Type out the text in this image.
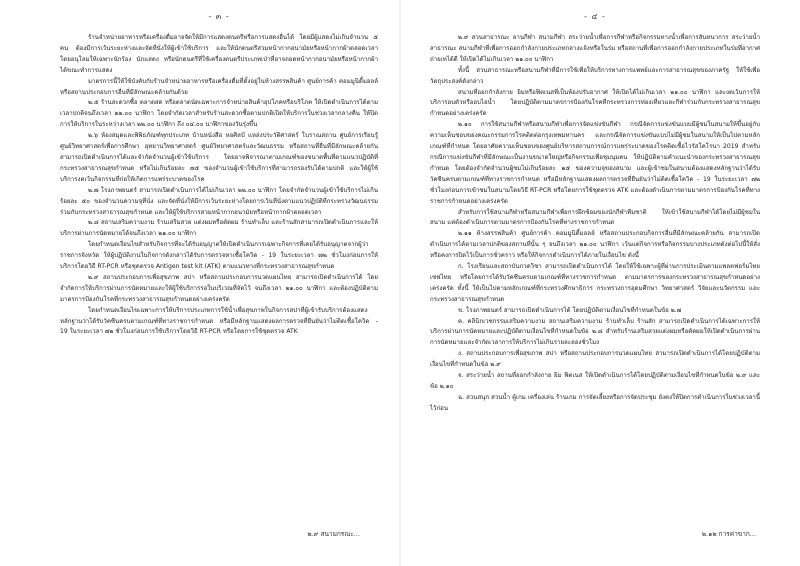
- ๓ -

ร้านจำหน่ายอาหารหรือเครื่องดื่มอาจจัดให้มีการแสดงดนตรีหรือการแสดงอื่นได้ โดยมีผู้แสดงไม่เกินจำนวน ๕ คน ต้องมีการเว้นระยะห่างและจัดที่นั่งให้ผู้เข้าใช้บริการ และให้นักดนตรีสวมหน้ากากอนามัยหรือหน้ากากผ้าตลอดเวลา โดยอนุโลมให้เฉพาะนักร้อง นักแสดง หรือนักดนตรีที่ใช้เครื่องดนตรีประเภทเป่าที่อาจถอดหน้ากากอนามัยหรือหน้ากากผ้าได้ขณะทำการแสดง

มาตรการนี้ให้ใช้บังคับกับร้านจำหน่ายอาหารหรือเครื่องดื่มที่ตั้งอยู่ในห้างสรรพสินค้า ศูนย์การค้า คอมมูนิตี้มอลล์ หรือสถานประกอบการอื่นที่มีลักษณะคล้ายกันด้วย

๒.๕ ร้านสะดวกซื้อ ตลาดสด หรือตลาดนัดเฉพาะการจำหน่ายสินค้าอุปโภคหรือบริโภค ให้เปิดดำเนินการได้ตามเวลาปกติจนถึงเวลา ๒๒.๐๐ นาฬิกา โดยจำกัดเวลาสำหรับร้านสะดวกซื้อตามปกติเปิดให้บริการในช่วงเวลากลางคืน ให้ปิดการให้บริการในระหว่างเวลา ๒๒.๐๐ นาฬิกา ถึง ๐๔.๐๐ นาฬิกาของวันรุ่งขึ้น

๒.๖ ห้องสมุดและพิพิธภัณฑ์ทุกประเภท บ้านหนังสือ หอศิลป์ แหล่งประวัติศาสตร์ โบราณสถาน ศูนย์การเรียนรู้ ศูนย์วิทยาศาสตร์เพื่อการศึกษา อุทยานวิทยาศาสตร์ ศูนย์วิทยาศาสตร์และวัฒนธรรม หรือสถานที่อื่นที่มีลักษณะคล้ายกัน สามารถเปิดดำเนินการได้และจำกัดจำนวนผู้เข้าใช้บริการ โดยอาจพิจารณาตามเกณฑ์ของขนาดพื้นที่ตามแนวปฏิบัติที่กระทรวงสาธารณสุขกำหนด หรือไม่เกินร้อยละ ๗๕ ของจำนวนผู้เข้าใช้บริการที่สามารถรองรับได้ตามปกติ และให้ผู้ใช้บริการงดเว้นกิจกรรมที่ก่อให้เกิดการแพร่ระบาดของโรค

๒.๗ โรงภาพยนตร์ สามารถเปิดดำเนินการได้ไม่เกินเวลา ๒๒.๐๐ นาฬิกา โดยจำกัดจำนวนผู้เข้าใช้บริการไม่เกินร้อยละ ๕๐ ของจำนวนความจุที่นั่ง และจัดที่นั่งให้มีการเว้นระยะห่างโดยการเว้นที่นั่งตามแนวปฏิบัติที่กระทรวงวัฒนธรรมร่วมกับกระทรวงสาธารณสุขกำหนด และให้ผู้ใช้บริการสวมหน้ากากอนามัยหรือหน้ากากผ้าตลอดเวลา

๒.๘ สถานเสริมความงาม ร้านเสริมสวย แต่งผมหรือตัดผม ร้านทำเล็บ และร้านสักสามารถเปิดดำเนินการและให้บริการผ่านการนัดหมายได้จนถึงเวลา ๒๑.๐๐ นาฬิกา

โดยกำหนดเงื่อนไขสำหรับกิจการที่จะได้รับอนุญาตให้เปิดดำเนินการเฉพาะกิจการที่เคยได้รับอนุญาตจากผู้ว่าราชการจังหวัด ให้ผู้ปฏิบัติงานในกิจการดังกล่าวได้รับการตรวจหาเชื้อโควิด - 19 ในระยะเวลา ๗๒ ชั่วโมงก่อนการให้บริการโดยวิธี RT-PCR หรือชุดตรวจ Antigen test kit (ATK) ตามแนวทางที่กระทรวงสาธารณสุขกำหนด

๒.๙ สถานประกอบการเพื่อสุขภาพ สปา หรือสถานประกอบการนวดแผนไทย สามารถเปิดดำเนินการได้ โดยจำกัดการให้บริการผ่านการนัดหมายและให้ผู้ใช้บริการรอในบริเวณที่จัดไว้ จนถึงเวลา ๒๑.๐๐ นาฬิกา และต้องปฏิบัติตามมาตรการป้องกันโรคที่กระทรวงสาธารณสุขกำหนดอย่างเคร่งครัด

โดยกำหนดเงื่อนไขเฉพาะการให้บริการประเภทการใช้น้ำเพื่อสุขภาพในกิจการสปาที่ผู้เข้ารับบริการต้องแสดงหลักฐานว่าได้รับวัคซีนครบตามเกณฑ์ที่ทางราชการกำหนด หรือมีหลักฐานแสดงผลการตรวจที่ยืนยันว่าไม่ติดเชื้อโควิด - 19 ในระยะเวลา ๗๒ ชั่วโมงก่อนการใช้บริการโดยวิธี RT-PCR หรือโดยการใช้ชุดตรวจ ATK

๒.๙ สนามกรณะ...
- ๔ -

๒.๙ สวนสาธารณะ ลานกีฬา สนามกีฬา สระว่ายน้ำเพื่อการกีฬาหรือกิจกรรมทางน้ำเพื่อการสันทนาการ สระว่ายน้ำสาธารณะ สนามกีฬาที่เพื่อการออกกำลังกายประเภทกลางแจ้งหรือในร่ม หรือสถานที่เพื่อการออกกำลังกายประเภทในร่มที่อากาศถ่ายเทได้ดี ให้เปิดได้ไม่เกินเวลา ๒๑.๐๐ นาฬิกา

ทั้งนี้ สวนสาธารณะหรือสนามกีฬาที่มีการใช้เพื่อให้บริการทางการแพทย์และการสาธารณสุขของภาครัฐ ให้ใช้เพื่อวัตถุประสงค์ดังกล่าว

สนามที่ออกกำลังกาย ยิมหรือฟิตเนสที่เป็นห้องปรับอากาศ ให้เปิดได้ไม่เกินเวลา ๒๑.๐๐ นาฬิกา และงดเว้นการให้บริการอบตัวหรืออบไอน้ำ โดยปฏิบัติตามมาตรการป้องกันโรคที่กระทรวงการท่องเที่ยวและกีฬาร่วมกับกระทรวงสาธารณสุขกำหนดอย่างเคร่งครัด

๒.๑๐ การใช้สนามกีฬาหรือสนามกีฬาเพื่อการจัดแข่งขันกีฬา กรณีจัดการแข่งขันแบบมีผู้ชมในสนามให้ขึ้นอยู่กับความเห็นชอบของคณะกรรมการโรคติดต่อกรุงเทพมหานคร และกรณีจัดการแข่งขันแบบไม่มีผู้ชมในสนามให้เป็นไปตามหลักเกณฑ์ที่กำหนด โดยอาศัยความเห็นชอบของศูนย์บริหารสถานการณ์การแพร่ระบาดของโรคติดเชื้อไวรัสโคโรนา 2019 สำหรับกรณีการแข่งขันกีฬาที่มีลักษณะเป็นงานขนาดใหญ่หรือกิจกรรมเพื่อชุมนุมคน ให้ปฏิบัติตามคำแนะนำของกระทรวงสาธารณสุขกำหนด โดยต้องจำกัดจำนวนผู้ชมไม่เกินร้อยละ ๒๕ ของความจุของสนาม และผู้เข้าชมในสนามต้องแสดงหลักฐานว่าได้รับวัคซีนครบตามเกณฑ์ที่ทางราชการกำหนด หรือมีหลักฐานแสดงผลการตรวจที่ยืนยันว่าไม่ติดเชื้อโควิด - 19 ในระยะเวลา ๗๒ ชั่วโมงก่อนการเข้าชมในสนามโดยวิธี RT-PCR หรือโดยการใช้ชุดตรวจ ATK และต้องดำเนินการตามมาตรการป้องกันโรคที่ทางราชการกำหนดอย่างเคร่งครัด

สำหรับการใช้สนามกีฬาหรือสนามกีฬาเพื่อการฝึกซ้อมของนักกีฬาทีมชาติ ให้เข้าใช้สนามกีฬาได้โดยไม่มีผู้ชมในสนาม แต่ต้องดำเนินการตามมาตรการป้องกันโรคที่ทางราชการกำหนด

๒.๑๑ ห้างสรรพสินค้า ศูนย์การค้า คอมมูนิตี้มอลล์ หรือสถานประกอบกิจการอื่นที่มีลักษณะคล้ายกัน สามารถเปิดดำเนินการได้ตามเวลาปกติของสถานที่นั้น ๆ จนถึงเวลา ๒๑.๐๐ นาฬิกา เว้นแต่กิจการหรือกิจกรรมบางประเภทดังต่อไปนี้ให้สั่งหรือคงการปิดไว้เป็นการชั่วคราว หรือให้กิจการดำเนินการได้ภายในเงื่อนไข ดังนี้

ก. โรงเรียนและสถาบันกวดวิชา สามารถเปิดดำเนินการได้ โดยให้ใช้เฉพาะผู้ที่ผ่านการประเมินตามแพลตฟอร์มไทยเซฟไทย หรือโดยการได้รับวัคซีนครบตามเกณฑ์ที่ทางราชการกำหนด ตามมาตรการของกระทรวงสาธารณสุขกำหนดอย่างเคร่งครัด ทั้งนี้ ให้เป็นไปตามหลักเกณฑ์ที่กระทรวงศึกษาธิการ กระทรวงการอุดมศึกษา วิทยาศาสตร์ วิจัยและนวัตกรรม และกระทรวงสาธารณสุขกำหนด

ข. โรงภาพยนตร์ สามารถเปิดดำเนินการได้ โดยปฏิบัติตามเงื่อนไขที่กำหนดในข้อ ๒.๗

ค. คลินิกเวชกรรมเสริมความงาม สถานเสริมความงาม ร้านทำเล็บ ร้านสัก สามารถเปิดดำเนินการได้เฉพาะการให้บริการผ่านการนัดหมายและปฏิบัติตามเงื่อนไขที่กำหนดในข้อ ๒.๘ สำหรับร้านเสริมสวยแต่งผมหรือตัดผมให้เปิดดำเนินการผ่านการนัดหมายและจำกัดเวลาการให้บริการไม่เกินรายละลองชั่วโมง

ง. สถานประกอบการเพื่อสุขภาพ สปา หรือสถานประกอบการนวดแผนไทย สามารถเปิดดำเนินการได้โดยปฏิบัติตามเงื่อนไขที่กำหนดในข้อ ๒.๙

จ. สระว่ายน้ำ สถานที่ออกกำลังกาย ยิม ฟิตเนส ให้เปิดดำเนินการได้โดยปฏิบัติตามเงื่อนไขที่กำหนดในข้อ ๒.๙ และข้อ ๒.๑๐

ฉ. สวนสนุก สวนน้ำ ตู้เกม เครื่องเล่น ร้านเกม การจัดเลี้ยงหรือการจัดประชุม ยังคงให้ปิดการดำเนินการในช่วงเวลานี้ไว้ก่อน

๒.๑๒ การค่าขาก...
